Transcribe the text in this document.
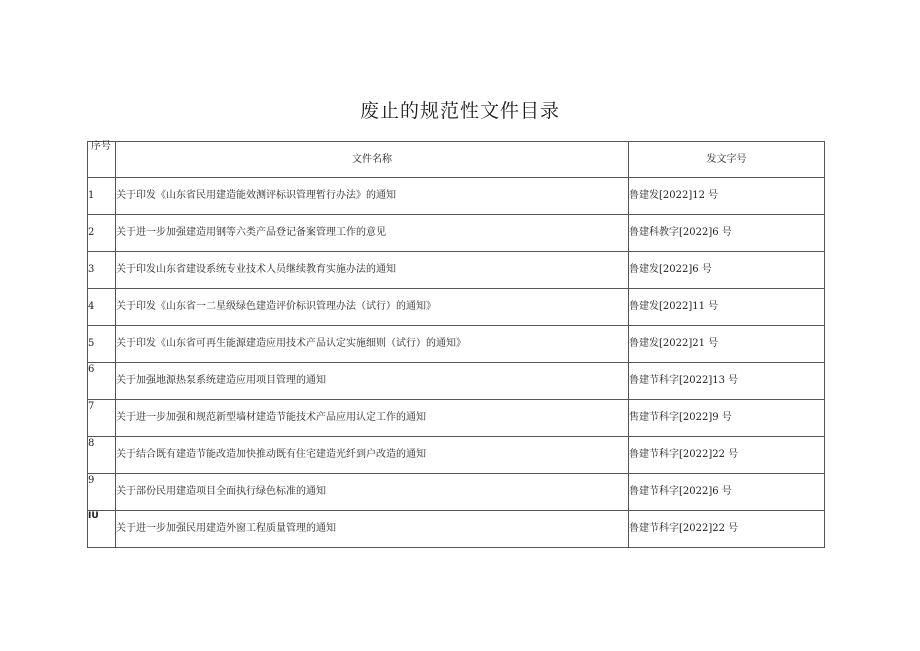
废止的规范性文件目录
序号	文件名称	发文字号
1	关于印发《山东省民用建造能效测评标识管理暂行办法》的通知	鲁建发[2022]12 号
2	关于进一步加强建造用钢等六类产品登记备案管理工作的意见	鲁建科教字[2022]6 号
3	关于印发山东省建设系统专业技术人员继续教育实施办法的通知	鲁建发[2022]6 号
4	关于印发《山东省一二星级绿色建造评价标识管理办法（试行）的通知》	鲁建发[2022]11 号
5	关于印发《山东省可再生能源建造应用技术产品认定实施细则（试行）的通知》	鲁建发[2022]21 号
6	关于加强地源热泵系统建造应用项目管理的通知	鲁建节科字[2022]13 号
7	关于进一步加强和规范新型墙材建造节能技术产品应用认定工作的通知	售建节科字[2022]9 号
8	关于结合既有建造节能改造加快推动既有住宅建造光纤到户改造的通知	鲁建节科字[2022]22 号
9	关于部份民用建造项目全面执行绿色标准的通知	鲁建节科字[2022]6 号
IU	关于进一步加强民用建造外窗工程质量管理的通知	鲁建节科字[2022]22 号
